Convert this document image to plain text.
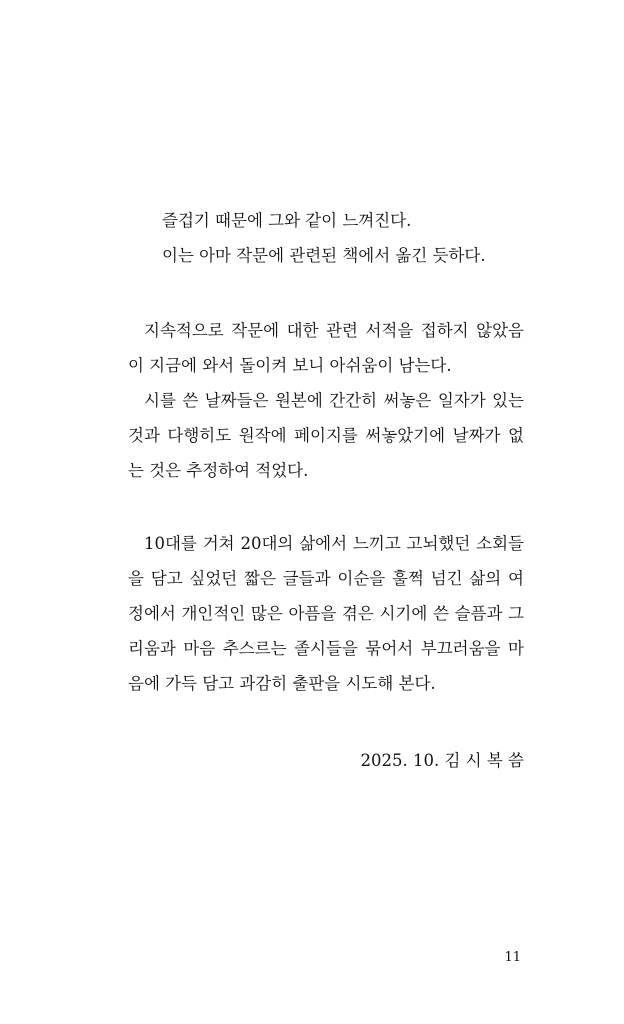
즐겁기 때문에 그와 같이 느껴진다.
이는 아마 작문에 관련된 책에서 옮긴 듯하다.
지속적으로 작문에 대한 관련 서적을 접하지 않았음
이 지금에 와서 돌이켜 보니 아쉬움이 남는다.
시를 쓴 날짜들은 원본에 간간히 써놓은 일자가 있는
것과 다행히도 원작에 페이지를 써놓았기에 날짜가 없
는 것은 추정하여 적었다.
10대를 거쳐 20대의 삶에서 느끼고 고뇌했던 소회들
을 담고 싶었던 짧은 글들과 이순을 훌쩍 넘긴 삶의 여
정에서 개인적인 많은 아픔을 겪은 시기에 쓴 슬픔과 그
리움과 마음 추스르는 졸시들을 묶어서 부끄러움을 마
음에 가득 담고 과감히 출판을 시도해 본다.
2025. 10. 김 시 복 씀
11
